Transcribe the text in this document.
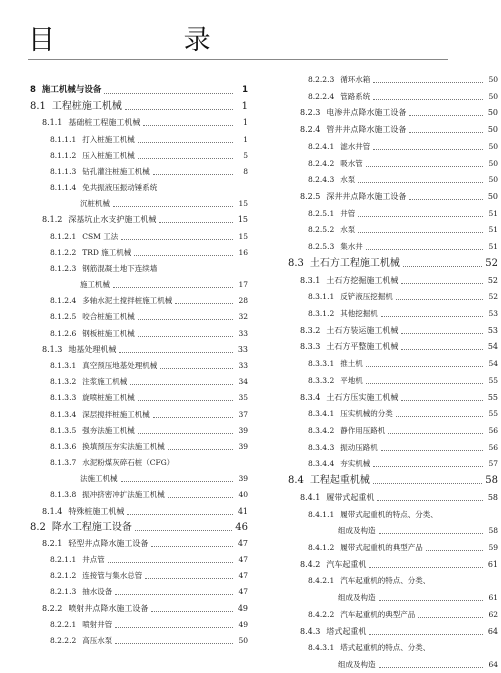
目 录
8 施工机械与设备	1
8.1 工程桩施工机械	1
8.1.1 基础桩工程施工机械	1
8.1.1.1 打入桩施工机械	1
8.1.1.2 压入桩施工机械	5
8.1.1.3 钻孔灌注桩施工机械	8
8.1.1.4 免共振液压振动锤系统
沉桩机械	15
8.1.2 深基坑止水支护施工机械	15
8.1.2.1 CSM 工法	15
8.1.2.2 TRD 施工机械	16
8.1.2.3 钢筋混凝土地下连续墙
施工机械	17
8.1.2.4 多轴水泥土搅拌桩施工机械	28
8.1.2.5 咬合桩施工机械	32
8.1.2.6 钢板桩施工机械	33
8.1.3 地基处理机械	33
8.1.3.1 真空预压地基处理机械	33
8.1.3.2 注浆施工机械	34
8.1.3.3 旋喷桩施工机械	35
8.1.3.4 深层搅拌桩施工机械	37
8.1.3.5 强夯法施工机械	39
8.1.3.6 换填预压夯实法施工机械	39
8.1.3.7 水泥粉煤灰碎石桩（CFG）
法施工机械	39
8.1.3.8 振冲挤密冲扩法施工机械	40
8.1.4 特殊桩施工机械	41
8.2 降水工程施工设备	46
8.2.1 轻型井点降水施工设备	47
8.2.1.1 井点管	47
8.2.1.2 连接管与集水总管	47
8.2.1.3 抽水设备	47
8.2.2 喷射井点降水施工设备	49
8.2.2.1 喷射井管	49
8.2.2.2 高压水泵	50
8.2.2.3 循环水箱	50
8.2.2.4 管路系统	50
8.2.3 电渗井点降水施工设备	50
8.2.4 管井井点降水施工设备	50
8.2.4.1 滤水井管	50
8.2.4.2 吸水管	50
8.2.4.3 水泵	50
8.2.5 深井井点降水施工设备	50
8.2.5.1 井管	51
8.2.5.2 水泵	51
8.2.5.3 集水井	51
8.3 土石方工程施工机械	52
8.3.1 土石方挖掘施工机械	52
8.3.1.1 反铲液压挖掘机	52
8.3.1.2 其他挖掘机	53
8.3.2 土石方装运施工机械	53
8.3.3 土石方平整施工机械	54
8.3.3.1 推土机	54
8.3.3.2 平地机	55
8.3.4 土石方压实施工机械	55
8.3.4.1 压实机械的分类	55
8.3.4.2 静作用压路机	56
8.3.4.3 振动压路机	56
8.3.4.4 夯实机械	57
8.4 工程起重机械	58
8.4.1 履带式起重机	58
8.4.1.1 履带式起重机的特点、分类、
组成及构造	58
8.4.1.2 履带式起重机的典型产品	59
8.4.2 汽车起重机	61
8.4.2.1 汽车起重机的特点、分类、
组成及构造	61
8.4.2.2 汽车起重机的典型产品	62
8.4.3 塔式起重机	64
8.4.3.1 塔式起重机的特点、分类、
组成及构造	64
